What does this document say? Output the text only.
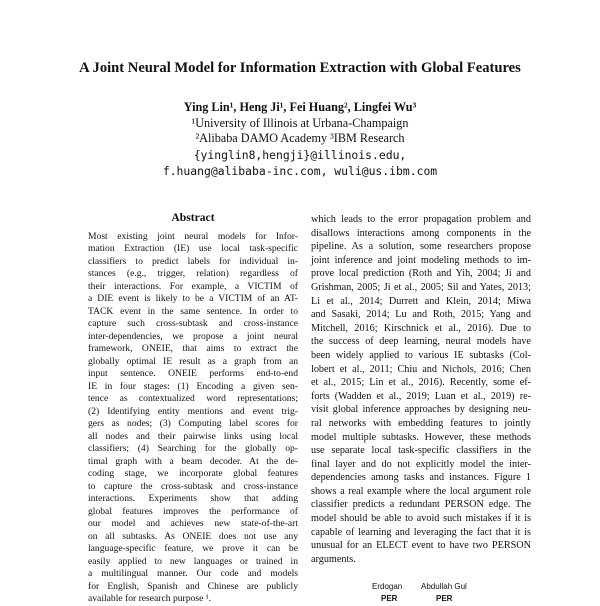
A Joint Neural Model for Information Extraction with Global Features
Ying Lin¹, Heng Ji¹, Fei Huang², Lingfei Wu³
¹University of Illinois at Urbana-Champaign
²Alibaba DAMO Academy ³IBM Research
{yinglin8,hengji}@illinois.edu,
f.huang@alibaba-inc.com, wuli@us.ibm.com
Abstract
Most existing joint neural models for Infor-
mation Extraction (IE) use local task-specific
classifiers to predict labels for individual in-
stances (e.g., trigger, relation) regardless of
their interactions. For example, a VICTIM of
a DIE event is likely to be a VICTIM of an AT-
TACK event in the same sentence. In order to
capture such cross-subtask and cross-instance
inter-dependencies, we propose a joint neural
framework, ONEIE, that aims to extract the
globally optimal IE result as a graph from an
input sentence. ONEIE performs end-to-end
IE in four stages: (1) Encoding a given sen-
tence as contextualized word representations;
(2) Identifying entity mentions and event trig-
gers as nodes; (3) Computing label scores for
all nodes and their pairwise links using local
classifiers; (4) Searching for the globally op-
timal graph with a beam decoder. At the de-
coding stage, we incorporate global features
to capture the cross-subtask and cross-instance
interactions. Experiments show that adding
global features improves the performance of
our model and achieves new state-of-the-art
on all subtasks. As ONEIE does not use any
language-specific feature, we prove it can be
easily applied to new languages or trained in
a multilingual manner. Our code and models
for English, Spanish and Chinese are publicly
available for research purpose ¹.
which leads to the error propagation problem and
disallows interactions among components in the
pipeline. As a solution, some researchers propose
joint inference and joint modeling methods to im-
prove local prediction (Roth and Yih, 2004; Ji and
Grishman, 2005; Ji et al., 2005; Sil and Yates, 2013;
Li et al., 2014; Durrett and Klein, 2014; Miwa
and Sasaki, 2014; Lu and Roth, 2015; Yang and
Mitchell, 2016; Kirschnick et al., 2016). Due to
the success of deep learning, neural models have
been widely applied to various IE subtasks (Col-
lobert et al., 2011; Chiu and Nichols, 2016; Chen
et al., 2015; Lin et al., 2016). Recently, some ef-
forts (Wadden et al., 2019; Luan et al., 2019) re-
visit global inference approaches by designing neu-
ral networks with embedding features to jointly
model multiple subtasks. However, these methods
use separate local task-specific classifiers in the
final layer and do not explicitly model the inter-
dependencies among tasks and instances. Figure 1
shows a real example where the local argument role
classifier predicts a redundant PERSON edge. The
model should be able to avoid such mistakes if it is
capable of learning and leveraging the fact that it is
unusual for an ELECT event to have two PERSON
arguments.
Erdogan Abdullah Gul
PER	PER
